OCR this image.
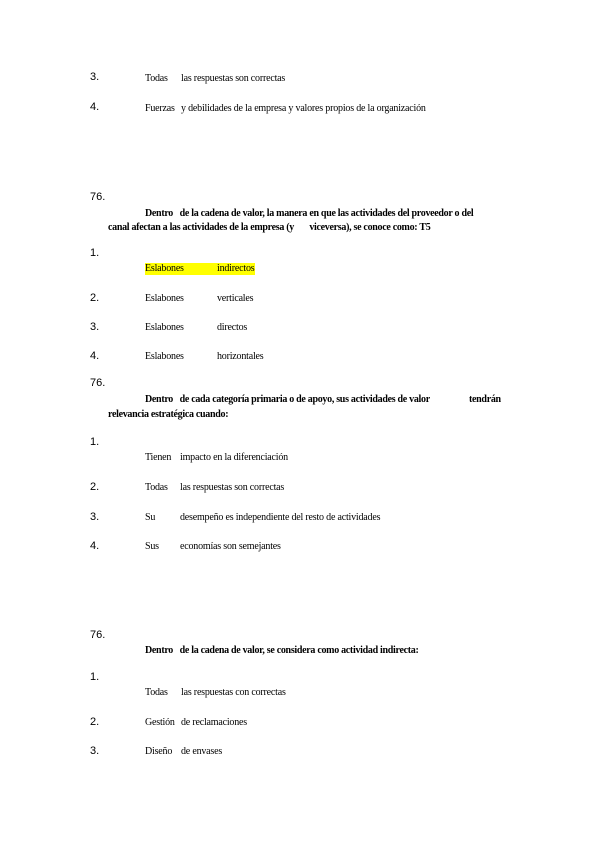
3.	Todas las respuestas son correctas
4.	Fuerzas y debilidades de la empresa y valores propios de la organización
76.
Dentro   de la cadena de valor, la manera en que las actividades del proveedor o del
canal afectan a las actividades de la empresa (y       viceversa), se conoce como: T5
1.
Eslabones	indirectos
2.	Eslabones	verticales
3.	Eslabones	directos
4.	Eslabones	horizontales
76.
Dentro   de cada categoría primaria o de apoyo, sus actividades de valor	tendrán
relevancia estratégica cuando:
1.
Tienen impacto en la diferenciación
2.	Todas las respuestas son correctas
3.	Su desempeño es independiente del resto de actividades
4.	Sus economías son semejantes
76.
Dentro   de la cadena de valor, se considera como actividad indirecta:
1.
Todas las respuestas con correctas
2.	Gestión de reclamaciones
3.	Diseño de envases
